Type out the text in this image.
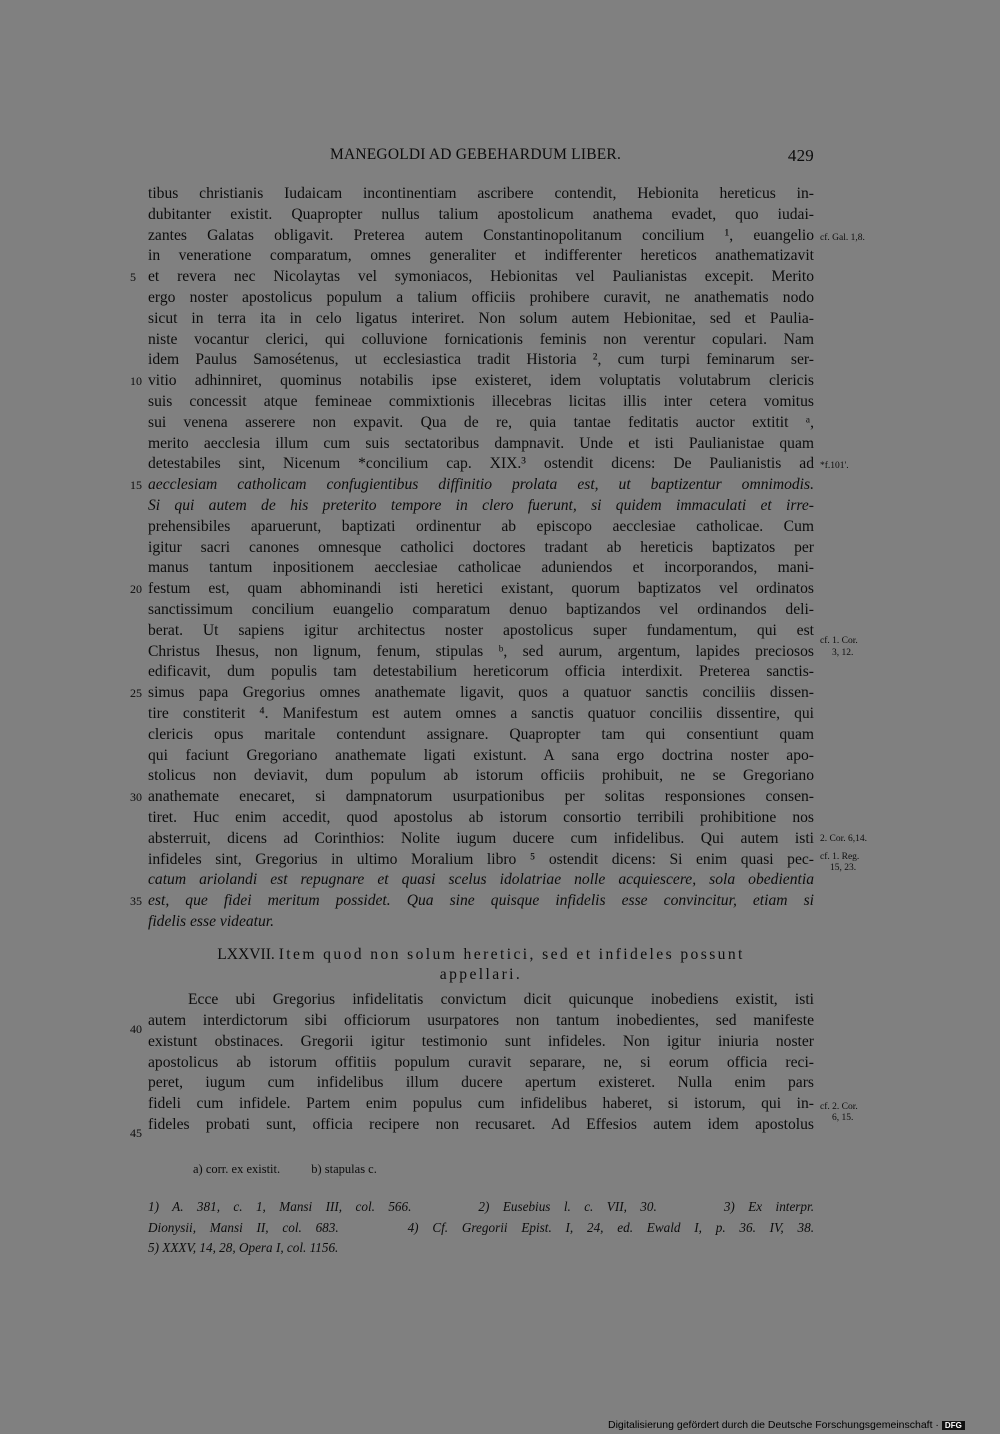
MANEGOLDI AD GEBEHARDUM LIBER.	429
tibus christianis Iudaicam incontinentiam ascribere contendit, Hebionita hereticus in-
dubitanter existit. Quapropter nullus talium apostolicum anathema evadet, quo iudai-
zantes Galatas obligavit. Preterea autem Constantinopolitanum concilium ¹, euangelio
in veneratione comparatum, omnes generaliter et indifferenter hereticos anathematizavit
et revera nec Nicolaytas vel symoniacos, Hebionitas vel Paulianistas excepit. Merito
ergo noster apostolicus populum a talium officiis prohibere curavit, ne anathematis nodo
sicut in terra ita in celo ligatus interiret. Non solum autem Hebionitae, sed et Paulia-
niste vocantur clerici, qui colluvione fornicationis feminis non verentur copulari. Nam
idem Paulus Samosétenus, ut ecclesiastica tradit Historia ², cum turpi feminarum ser-
vitio adhinniret, quominus notabilis ipse existeret, idem voluptatis volutabrum clericis
suis concessit atque femineae commixtionis illecebras licitas illis inter cetera vomitus
sui venena asserere non expavit. Qua de re, quia tantae feditatis auctor extitit ᵃ,
merito aecclesia illum cum suis sectatoribus dampnavit. Unde et isti Paulianistae quam
detestabiles sint, Nicenum *concilium cap. XIX.³ ostendit dicens: De Paulianistis ad
aecclesiam catholicam confugientibus diffinitio prolata est, ut baptizentur omnimodis.
Si qui autem de his preterito tempore in clero fuerunt, si quidem immaculati et irre-
prehensibiles aparuerunt, baptizati ordinentur ab episcopo aecclesiae catholicae. Cum
igitur sacri canones omnesque catholici doctores tradant ab hereticis baptizatos per
manus tantum inpositionem aecclesiae catholicae aduniendos et incorporandos, mani-
festum est, quam abhominandi isti heretici existant, quorum baptizatos vel ordinatos
sanctissimum concilium euangelio comparatum denuo baptizandos vel ordinandos deli-
berat. Ut sapiens igitur architectus noster apostolicus super fundamentum, qui est
Christus Ihesus, non lignum, fenum, stipulas ᵇ, sed aurum, argentum, lapides preciosos
edificavit, dum populis tam detestabilium hereticorum officia interdixit. Preterea sanctis-
simus papa Gregorius omnes anathemate ligavit, quos a quatuor sanctis conciliis dissen-
tire constiterit ⁴. Manifestum est autem omnes a sanctis quatuor conciliis dissentire, qui
clericis opus maritale contendunt assignare. Quapropter tam qui consentiunt quam
qui faciunt Gregoriano anathemate ligati existunt. A sana ergo doctrina noster apo-
stolicus non deviavit, dum populum ab istorum officiis prohibuit, ne se Gregoriano
anathemate enecaret, si dampnatorum usurpationibus per solitas responsiones consen-
tiret. Huc enim accedit, quod apostolus ab istorum consortio terribili prohibitione nos
absterruit, dicens ad Corinthios: Nolite iugum ducere cum infidelibus. Qui autem isti
infideles sint, Gregorius in ultimo Moralium libro ⁵ ostendit dicens: Si enim quasi pec-
catum ariolandi est repugnare et quasi scelus idolatriae nolle acquiescere, sola obedientia
est, que fidei meritum possidet. Qua sine quisque infidelis esse convincitur, etiam si
fidelis esse videatur.
LXXVII. Item quod non solum heretici, sed et infideles possunt
appellari.
Ecce ubi Gregorius infidelitatis convictum dicit quicunque inobediens existit, isti
autem interdictorum sibi officiorum usurpatores non tantum inobedientes, sed manifeste
existunt obstinaces. Gregorii igitur testimonio sunt infideles. Non igitur iniuria noster
apostolicus ab istorum offitiis populum curavit separare, ne, si eorum officia reci-
peret, iugum cum infidelibus illum ducere apertum existeret. Nulla enim pars
fideli cum infidele. Partem enim populus cum infidelibus haberet, si istorum, qui in-
fideles probati sunt, officia recipere non recusaret. Ad Effesios autem idem apostolus
5
10
15
20
25
30
35
40
45
cf. Gal. 1,8.
*f.101'.
cf. 1. Cor.
3, 12.
2. Cor. 6,14.
cf. 1. Reg.
15, 23.
cf. 2. Cor.
6, 15.
a) corr. ex existit. b) stapulas c.
1) A. 381, c. 1, Mansi III, col. 566.     2) Eusebius l. c. VII, 30.     3) Ex interpr.
Dionysii, Mansi II, col. 683.     4) Cf. Gregorii Epist. I, 24, ed. Ewald I, p. 36. IV, 38.
5) XXXV, 14, 28, Opera I, col. 1156.
Digitalisierung gefördert durch die Deutsche Forschungsgemeinschaft · DFG
